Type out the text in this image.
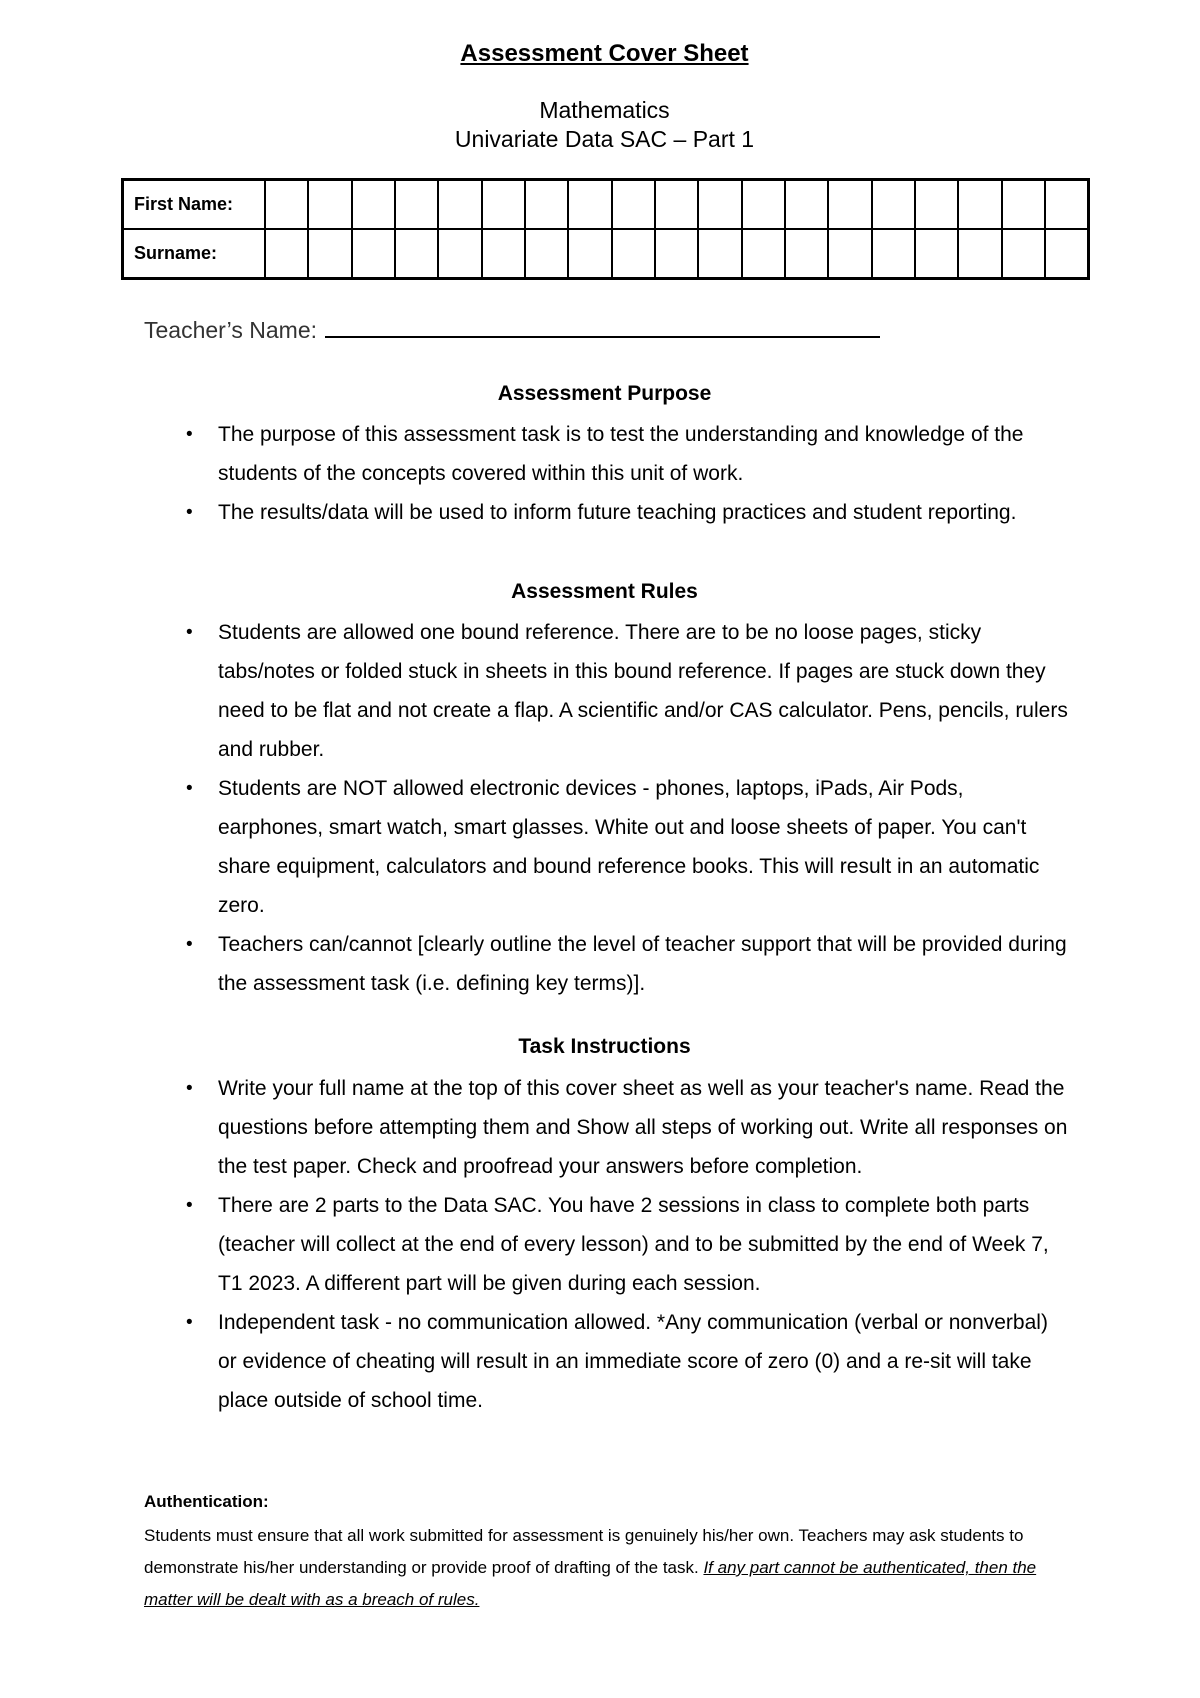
Assessment Cover Sheet
Mathematics
Univariate Data SAC – Part 1
First Name:																			
Surname:																			
Teacher’s Name:
Assessment Purpose
• The purpose of this assessment task is to test the understanding and knowledge of the students of the concepts covered within this unit of work.
• The results/data will be used to inform future teaching practices and student reporting.
Assessment Rules
• Students are allowed one bound reference. There are to be no loose pages, sticky tabs/notes or folded stuck in sheets in this bound reference. If pages are stuck down they need to be flat and not create a flap. A scientific and/or CAS calculator. Pens, pencils, rulers and rubber.
• Students are NOT allowed electronic devices - phones, laptops, iPads, Air Pods, earphones, smart watch, smart glasses. White out and loose sheets of paper. You can't share equipment, calculators and bound reference books. This will result in an automatic zero.
• Teachers can/cannot [clearly outline the level of teacher support that will be provided during the assessment task (i.e. defining key terms)].
Task Instructions
• Write your full name at the top of this cover sheet as well as your teacher's name. Read the questions before attempting them and Show all steps of working out. Write all responses on the test paper. Check and proofread your answers before completion.
• There are 2 parts to the Data SAC. You have 2 sessions in class to complete both parts (teacher will collect at the end of every lesson) and to be submitted by the end of Week 7, T1 2023. A different part will be given during each session.
• Independent task - no communication allowed. *Any communication (verbal or nonverbal) or evidence of cheating will result in an immediate score of zero (0) and a re-sit will take place outside of school time.
Authentication:
Students must ensure that all work submitted for assessment is genuinely his/her own. Teachers may ask students to demonstrate his/her understanding or provide proof of drafting of the task. If any part cannot be authenticated, then the matter will be dealt with as a breach of rules.
